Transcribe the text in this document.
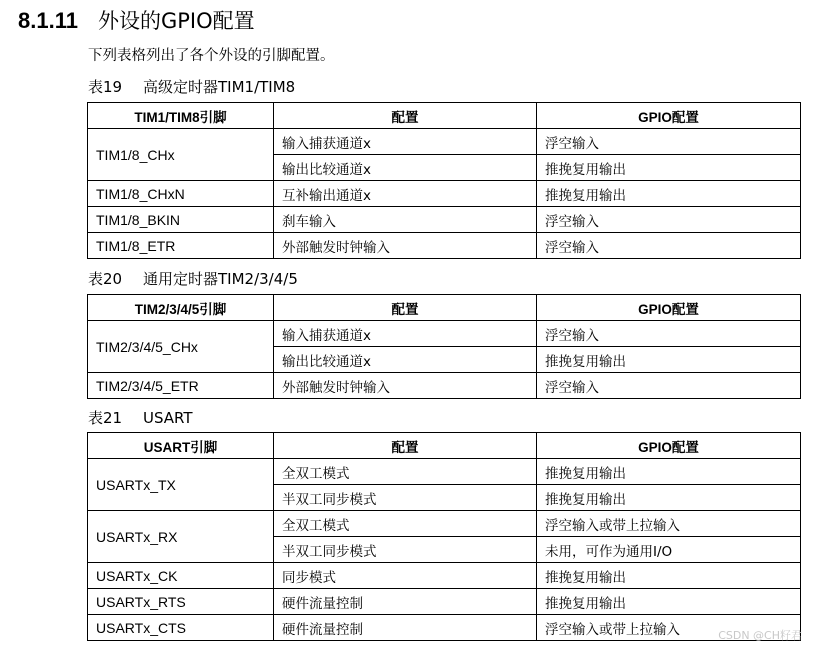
8.1.11 外设的GPIO配置
下列表格列出了各个外设的引脚配置。
表19 高级定时器TIM1/TIM8
TIM1/TIM8引脚	配置	GPIO配置
TIM1/8_CHx	输入捕获通道x	浮空输入
	输出比较通道x	推挽复用输出
TIM1/8_CHxN	互补输出通道x	推挽复用输出
TIM1/8_BKIN	刹车输入	浮空输入
TIM1/8_ETR	外部触发时钟输入	浮空输入
表20 通用定时器TIM2/3/4/5
TIM2/3/4/5引脚	配置	GPIO配置
TIM2/3/4/5_CHx	输入捕获通道x	浮空输入
	输出比较通道x	推挽复用输出
TIM2/3/4/5_ETR	外部触发时钟输入	浮空输入
表21 USART
USART引脚	配置	GPIO配置
USARTx_TX	全双工模式	推挽复用输出
	半双工同步模式	推挽复用输出
USARTx_RX	全双工模式	浮空输入或带上拉输入
	半双工同步模式	未用，可作为通用I/O
USARTx_CK	同步模式	推挽复用输出
USARTx_RTS	硬件流量控制	推挽复用输出
USARTx_CTS	硬件流量控制	浮空输入或带上拉输入	CSDN @CH籽君
